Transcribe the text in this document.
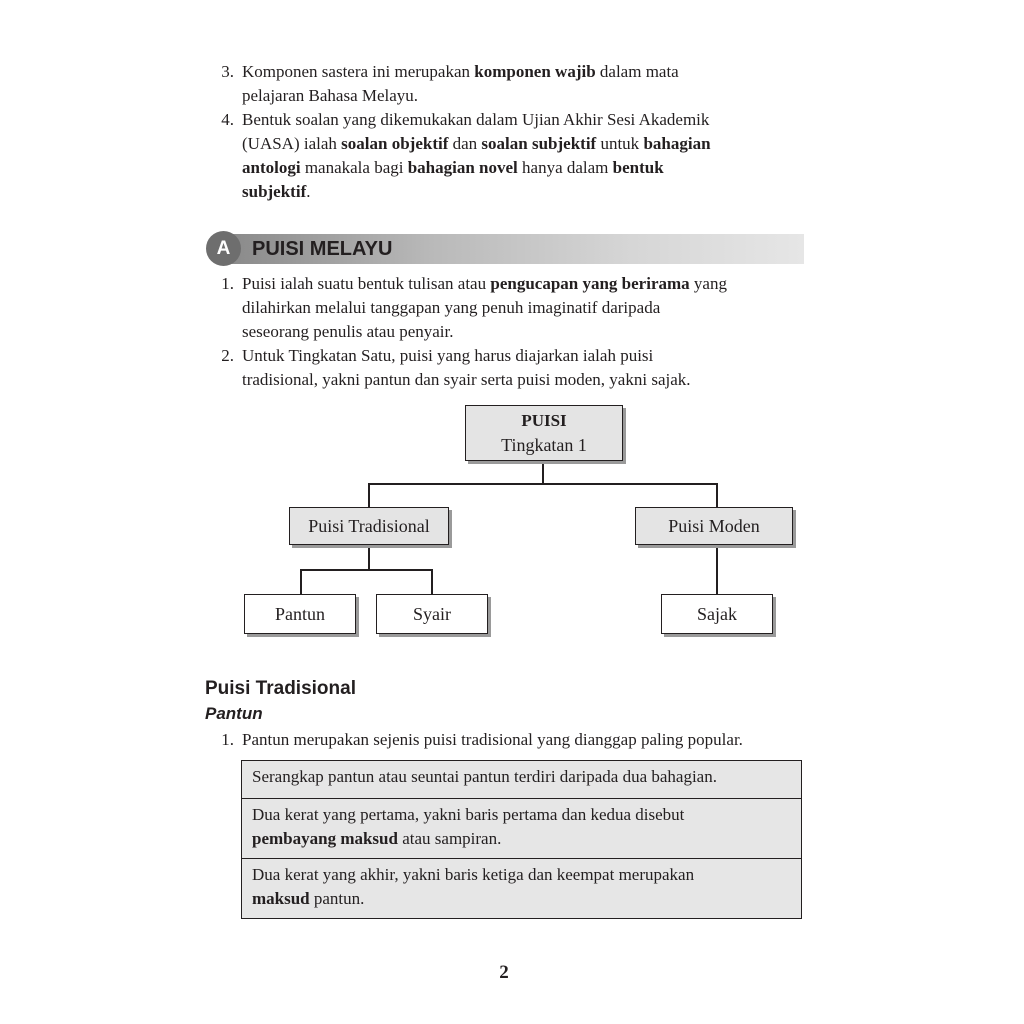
3. Komponen sastera ini merupakan komponen wajib dalam mata
pelajaran Bahasa Melayu.
4. Bentuk soalan yang dikemukakan dalam Ujian Akhir Sesi Akademik
(UASA) ialah soalan objektif dan soalan subjektif untuk bahagian
antologi manakala bagi bahagian novel hanya dalam bentuk
subjektif.
A	PUISI MELAYU
1. Puisi ialah suatu bentuk tulisan atau pengucapan yang berirama yang
dilahirkan melalui tanggapan yang penuh imaginatif daripada
seseorang penulis atau penyair.
2. Untuk Tingkatan Satu, puisi yang harus diajarkan ialah puisi
tradisional, yakni pantun dan syair serta puisi moden, yakni sajak.
PUISI
Tingkatan 1
Puisi Tradisional	Puisi Moden
Pantun	Syair	Sajak
Puisi Tradisional
Pantun
1. Pantun merupakan sejenis puisi tradisional yang dianggap paling popular.
Serangkap pantun atau seuntai pantun terdiri daripada dua bahagian.
Dua kerat yang pertama, yakni baris pertama dan kedua disebut
pembayang maksud atau sampiran.
Dua kerat yang akhir, yakni baris ketiga dan keempat merupakan
maksud pantun.
2
